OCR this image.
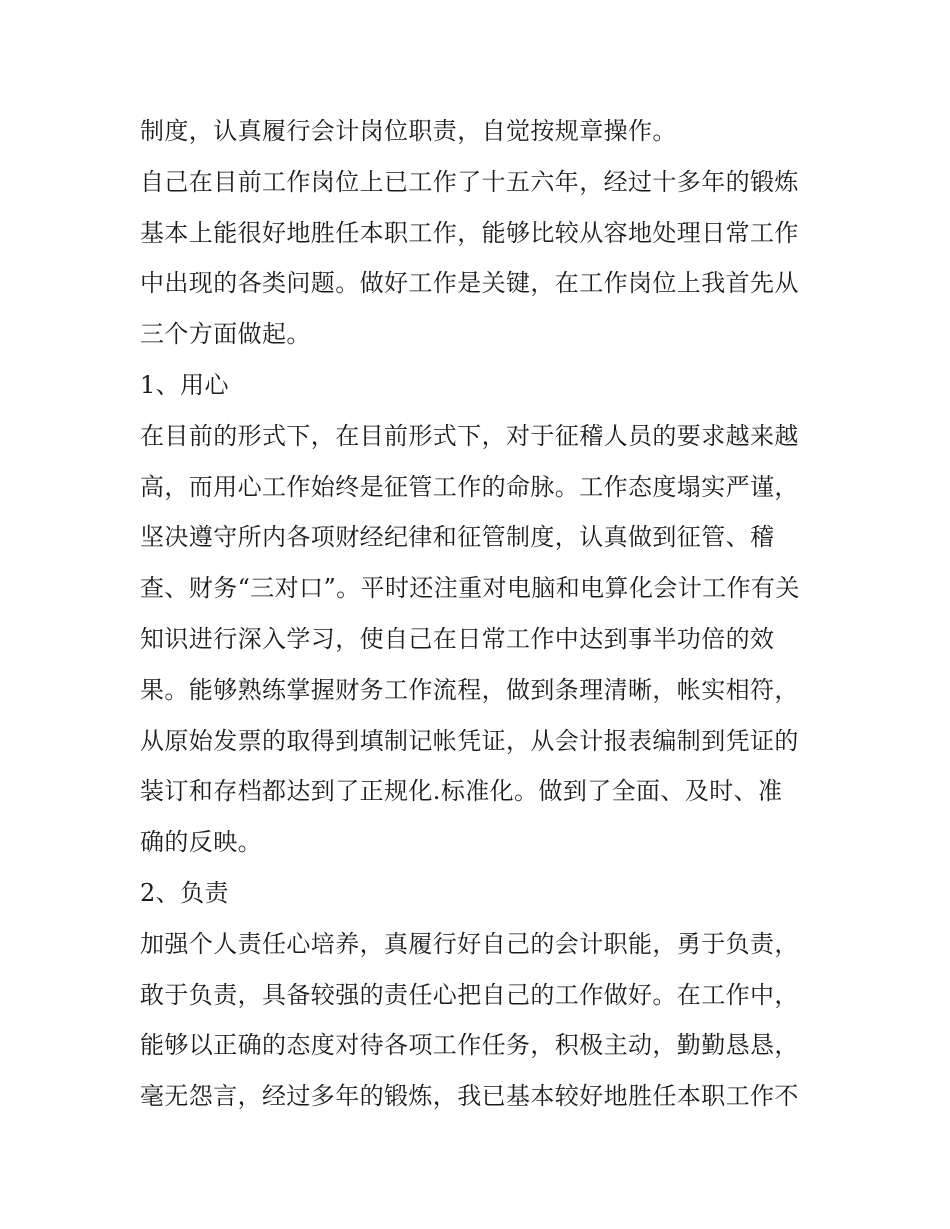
制度，认真履行会计岗位职责，自觉按规章操作。
自己在目前工作岗位上已工作了十五六年，经过十多年的锻炼
基本上能很好地胜任本职工作，能够比较从容地处理日常工作
中出现的各类问题。做好工作是关键，在工作岗位上我首先从
三个方面做起。
1、用心
在目前的形式下，在目前形式下，对于征稽人员的要求越来越
高，而用心工作始终是征管工作的命脉。工作态度塌实严谨，
坚决遵守所内各项财经纪律和征管制度，认真做到征管、稽
查、财务“三对口”。平时还注重对电脑和电算化会计工作有关
知识进行深入学习，使自己在日常工作中达到事半功倍的效
果。能够熟练掌握财务工作流程，做到条理清晰，帐实相符，
从原始发票的取得到填制记帐凭证，从会计报表编制到凭证的
装订和存档都达到了正规化.标准化。做到了全面、及时、准
确的反映。
2、负责
加强个人责任心培养，真履行好自己的会计职能，勇于负责，
敢于负责，具备较强的责任心把自己的工作做好。在工作中，
能够以正确的态度对待各项工作任务，积极主动，勤勤恳恳，
毫无怨言，经过多年的锻炼，我已基本较好地胜任本职工作不
